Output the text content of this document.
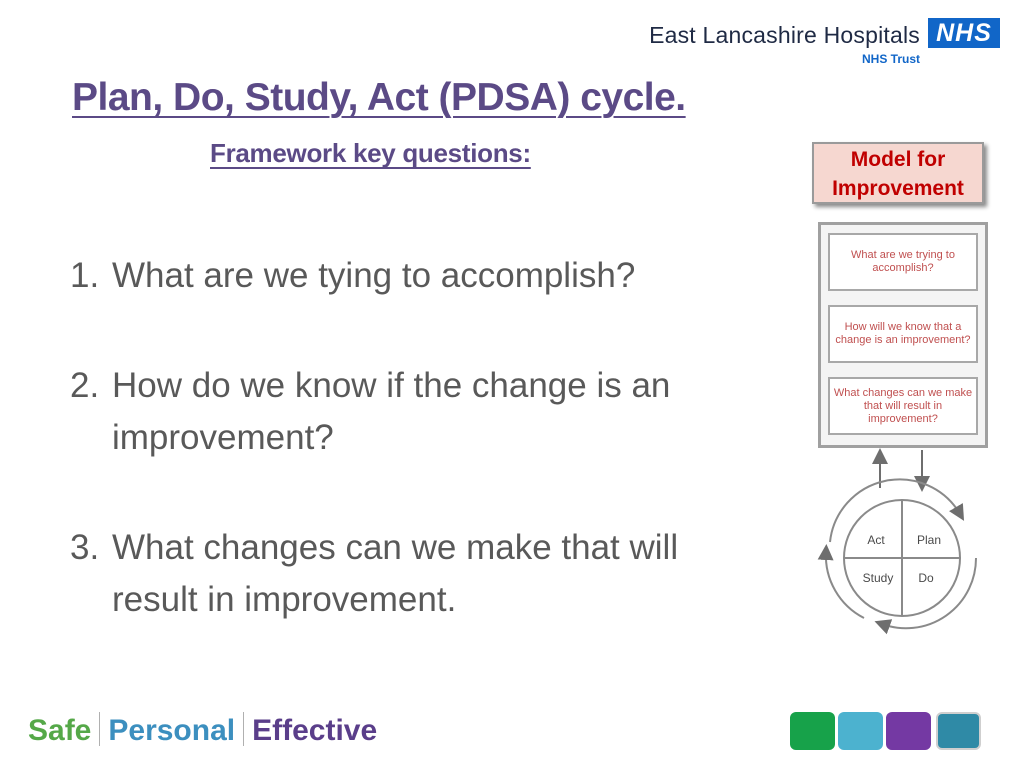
East Lancashire Hospitals NHS
NHS Trust
Plan, Do, Study, Act (PDSA) cycle.
Framework key questions:
1. What are we tying to accomplish?
2. How do we know if the change is an improvement?
3. What changes can we make that will result in improvement.
Model for Improvement
What are we trying to accomplish?
How will we know that a change is an improvement?
What changes can we make that will result in improvement?
Act	Plan
Study Do
Safe Personal Effective
